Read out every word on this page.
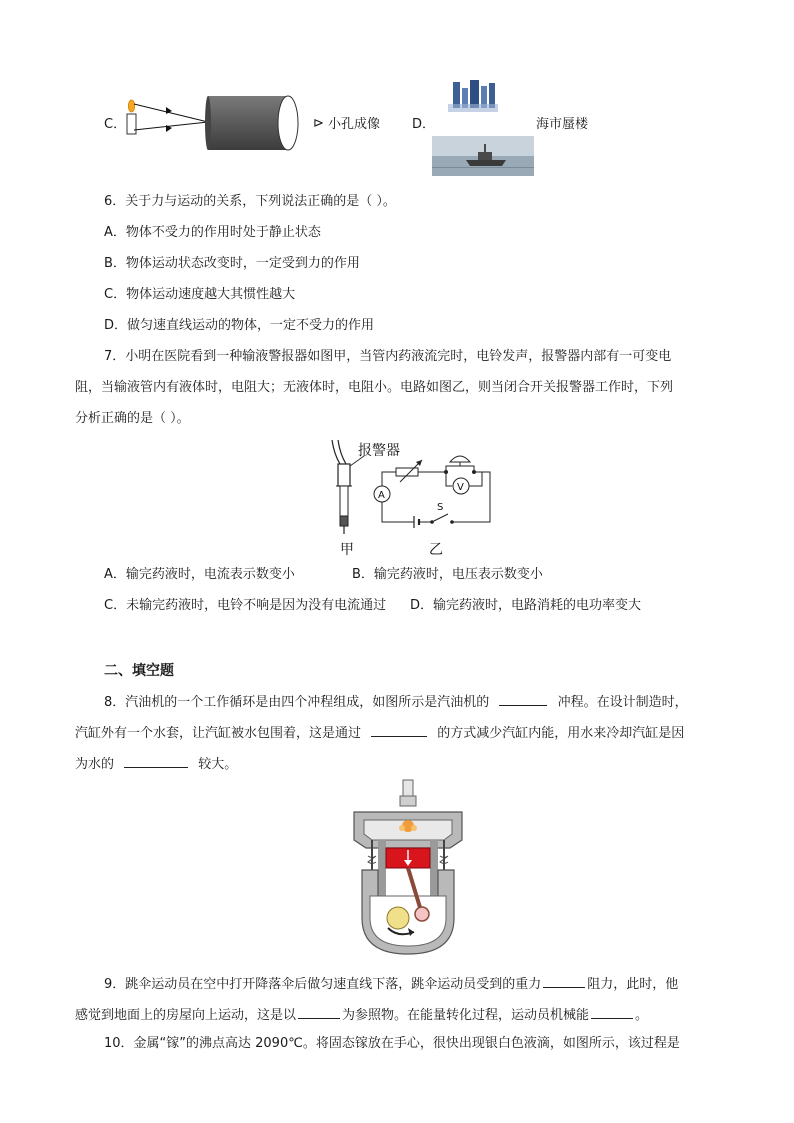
C．	⊳ 小孔成像 D．	海市蜃楼
6．关于力与运动的关系，下列说法正确的是（ ）。
A．物体不受力的作用时处于静止状态
B．物体运动状态改变时，一定受到力的作用
C．物体运动速度越大其惯性越大
D．做匀速直线运动的物体，一定不受力的作用
7．小明在医院看到一种输液警报器如图甲，当管内药液流完时，电铃发声，报警器内部有一可变电
阻，当输液管内有液体时，电阻大；无液体时，电阻小。电路如图乙，则当闭合开关报警器工作时，下列
分析正确的是（ ）。
报警器
甲
V
A
S
乙
A．输完药液时，电流表示数变小	B．输完药液时，电压表示数变小
C．未输完药液时，电铃不响是因为没有电流通过 D．输完药液时，电路消耗的电功率变大
二、填空题
8．汽油机的一个工作循环是由四个冲程组成，如图所示是汽油机的	冲程。在设计制造时，
汽缸外有一个水套，让汽缸被水包围着，这是通过	的方式减少汽缸内能，用水来冷却汽缸是因
为水的	较大。
9．跳伞运动员在空中打开降落伞后做匀速直线下落，跳伞运动员受到的重力	阻力，此时，他
感觉到地面上的房屋向上运动，这是以	为参照物。在能量转化过程，运动员机械能	。
10．金属“镓”的沸点高达 2090℃。将固态镓放在手心，很快出现银白色液滴，如图所示，该过程是
